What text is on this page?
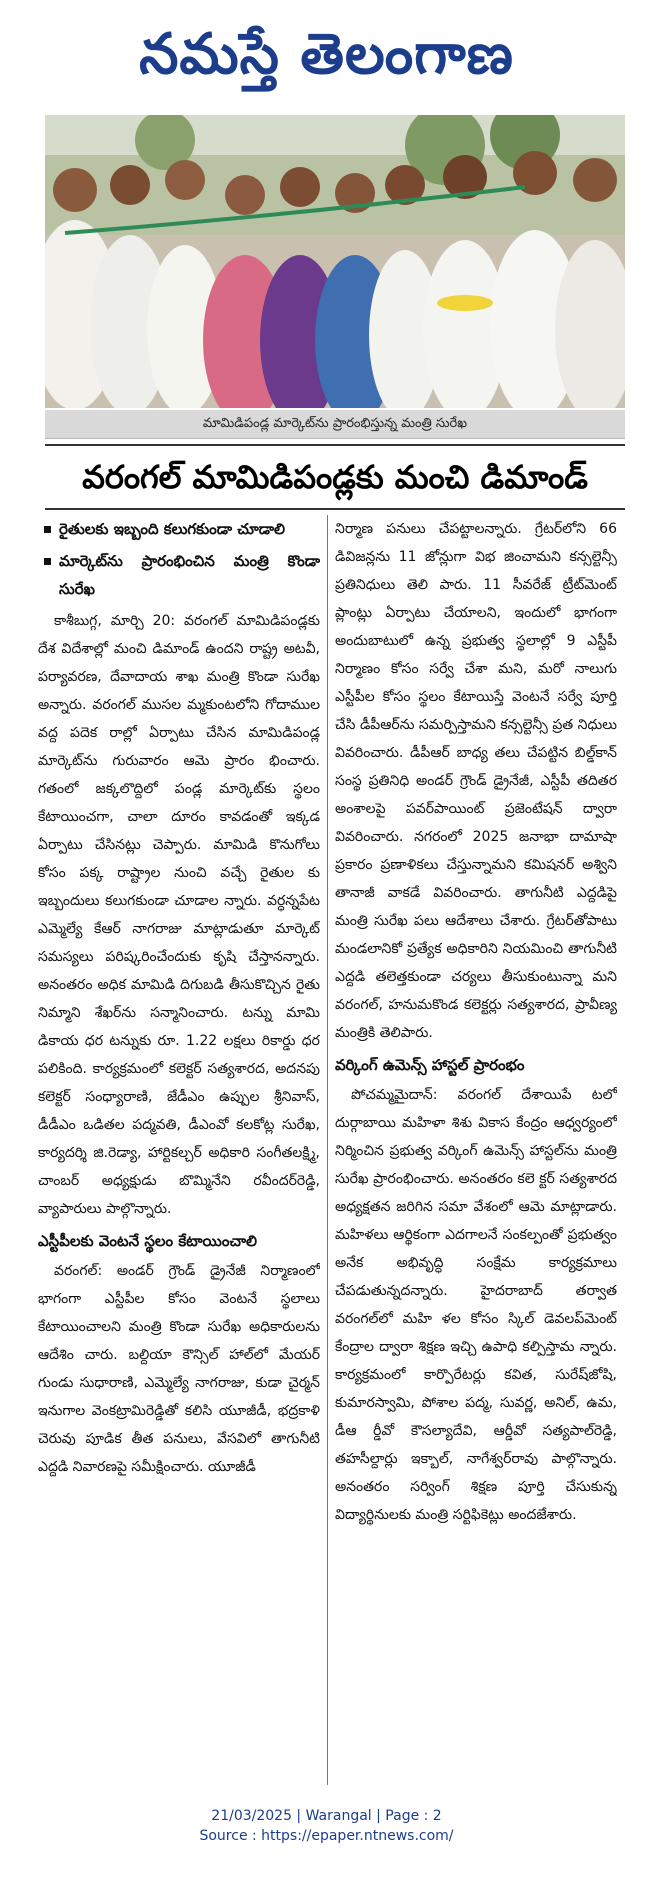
నమస్తే తెలంగాణ
మామిడిపండ్ల మార్కెట్‌ను ప్రారంభిస్తున్న మంత్రి సురేఖ
వరంగల్ మామిడిపండ్లకు మంచి డిమాండ్
రైతులకు ఇబ్బంది కలుగకుండా చూడాలి
మార్కెట్‌ను ప్రారంభించిన మంత్రి కొండా సురేఖ

కాశీబుగ్గ, మార్చి 20: వరంగల్ మామిడిపండ్లకు దేశ విదేశాల్లో మంచి డిమాండ్ ఉందని రాష్ట్ర అటవీ, పర్యావరణ, దేవాదాయ శాఖ మంత్రి కొండా సురేఖ అన్నారు. వరంగల్ ముసల మ్మకుంటలోని గోదాముల వద్ద పదెక రాల్లో ఏర్పాటు చేసిన మామిడిపండ్ల మార్కెట్‌ను గురువారం ఆమె ప్రారం భించారు. గతంలో జక్కలొద్దిలో పండ్ల మార్కెట్‌కు స్థలం కేటాయించగా, చాలా దూరం కావడంతో ఇక్కడ ఏర్పాటు చేసినట్లు చెప్పారు. మామిడి కొనుగోలు కోసం పక్క రాష్ట్రాల నుంచి వచ్చే రైతుల కు ఇబ్బందులు కలుగకుండా చూడాల న్నారు. వర్ధన్నపేట ఎమ్మెల్యే కేఆర్ నాగరాజు మాట్లాడుతూ మార్కెట్ సమస్యలు పరిష్కరించేందుకు కృషి చేస్తానన్నారు. అనంతరం అధిక మామిడి దిగుబడి తీసుకొచ్చిన రైతు నిమ్మాని శేఖర్‌ను సన్మానించారు. టన్ను మామి డికాయ ధర టన్నుకు రూ. 1.22 లక్షలు రికార్డు ధర పలికింది. కార్యక్రమంలో కలెక్టర్ సత్యశారద, అదనపు కలెక్టర్ సంధ్యారాణి, జేడీఎం ఉప్పుల శ్రీనివాస్, డీడీఎం ఒడితల పద్మవతి, డీఎంవో కలకోట్ల సురేఖ, కార్యదర్శి జి.రెడ్యా, హార్టికల్చర్ అధికారి సంగీతలక్ష్మి, చాంబర్ అధ్యక్షుడు బొమ్మినేని రవీందర్‌రెడ్డి, వ్యాపారులు పాల్గొన్నారు.

ఎస్టీపీలకు వెంటనే స్థలం కేటాయించాలి

వరంగల్: అండర్ గ్రౌండ్ డ్రైనేజీ నిర్మాణంలో భాగంగా ఎస్టీపీల కోసం వెంటనే స్థలాలు కేటాయించాలని మంత్రి కొండా సురేఖ అధికారులను ఆదేశిం చారు. బల్దియా కౌన్సిల్ హాల్‌లో మేయర్ గుండు సుధారాణి, ఎమ్మెల్యే నాగరాజు, కుడా చైర్మన్ ఇనుగాల వెంకట్రామిరెడ్డితో కలిసి యూజీడీ, భద్రకాళి చెరువు పూడిక తీత పనులు, వేసవిలో తాగునీటి ఎద్దడి నివారణపై సమీక్షించారు. యూజీడీ

నిర్మాణ పనులు చేపట్టాలన్నారు. గ్రేటర్‌లోని 66 డివిజన్లను 11 జోన్లుగా విభ జించామని కన్సల్టెన్సీ ప్రతినిధులు తెలి పారు. 11 సీవరేజ్ ట్రీట్‌మెంట్ ప్లాంట్లు ఏర్పాటు చేయాలని, ఇందులో భాగంగా అందుబాటులో ఉన్న ప్రభుత్వ స్థలాల్లో 9 ఎస్టీపీ నిర్మాణం కోసం సర్వే చేశా మని, మరో నాలుగు ఎస్టీపీల కోసం స్థలం కేటాయిస్తే వెంటనే సర్వే పూర్తి చేసి డీపీఆర్‌ను సమర్పిస్తామని కన్సల్టెన్సీ ప్రత నిధులు వివరించారు. డీపీఆర్ బాధ్య తలు చేపట్టిన బిల్డ్‌కాన్ సంస్థ ప్రతినిధి అండర్ గ్రౌండ్ డ్రైనేజీ, ఎస్టీపీ తదితర అంశాలపై పవర్‌పాయింట్ ప్రజెంటేషన్ ద్వారా వివరించారు. నగరంలో 2025 జనాభా దామాషా ప్రకారం ప్రణాళికలు చేస్తున్నామని కమిషనర్ అశ్విని తానాజీ వాకడే వివరించారు. తాగునీటి ఎద్దడిపై మంత్రి సురేఖ పలు ఆదేశాలు చేశారు. గ్రేటర్‌తోపాటు మండలానికో ప్రత్యేక అధికారిని నియమించి తాగునీటి ఎద్దడి తలెత్తకుండా చర్యలు తీసుకుంటున్నా మని వరంగల్, హనుమకొండ కలెక్టర్లు సత్యశారద, ప్రావీణ్య మంత్రికి తెలిపారు.

వర్కింగ్ ఉమెన్స్ హాస్టల్ ప్రారంభం

పోచమ్మమైదాన్: వరంగల్ దేశాయిపే టలో దుర్గాబాయి మహిళా శిశు వికాస కేంద్రం ఆధ్వర్యంలో నిర్మించిన ప్రభుత్వ వర్కింగ్ ఉమెన్స్ హాస్టల్‌ను మంత్రి సురేఖ ప్రారంభించారు. అనంతరం కలె క్టర్ సత్యశారద అధ్యక్షతన జరిగిన సమా వేశంలో ఆమె మాట్లాడారు. మహిళలు ఆర్థికంగా ఎదగాలనే సంకల్పంతో ప్రభుత్వం అనేక అభివృద్ధి సంక్షేమ కార్యక్రమాలు చేపడుతున్నదన్నారు. హైదరాబాద్ తర్వాత వరంగల్‌లో మహి ళల కోసం స్కిల్ డెవలప్‌మెంట్ కేంద్రాల ద్వారా శిక్షణ ఇచ్చి ఉపాధి కల్పిస్తామ న్నారు. కార్యక్రమంలో కార్పొరేటర్లు కవిత, సురేష్‌జోషి, కుమారస్వామి, పోశాల పద్మ, సువర్ణ, అనిల్, ఉమ, డీఆ ర్డీవో కౌసల్యాదేవి, ఆర్డీవో సత్యపాల్‌రెడ్డి, తహసీల్దార్లు ఇక్బాల్, నాగేశ్వర్‌రావు పాల్గొన్నారు. అనంతరం సర్వింగ్ శిక్షణ పూర్తి చేసుకున్న విద్యార్థినులకు మంత్రి సర్టిఫికెట్లు అందజేశారు.

21/03/2025 | Warangal | Page : 2
Source : https://epaper.ntnews.com/
